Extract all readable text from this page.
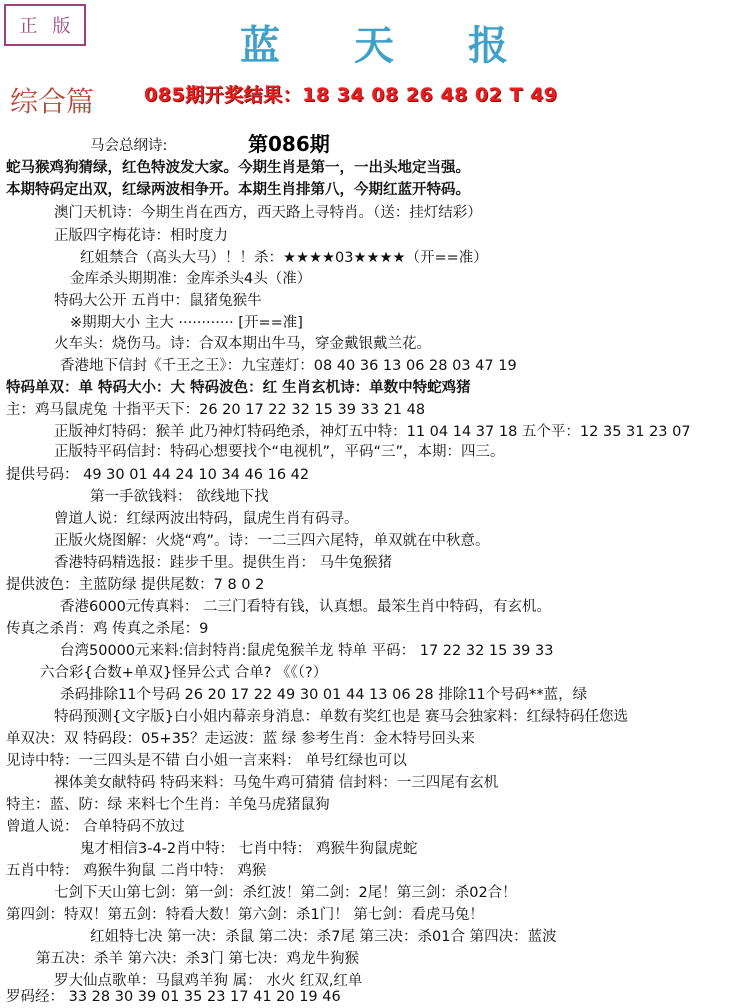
正 版	蓝 天 报
综合篇	085期开奖结果：18 34 08 26 48 02 T 49
第086期
马会总纲诗:
蛇马猴鸡狗猜绿，红色特波发大家。今期生肖是第一，一出头地定当强。
本期特码定出双，红绿两波相争开。本期生肖排第八，今期红蓝开特码。
澳门天机诗：今期生肖在西方，西天路上寻特肖。（送：挂灯结彩）
正版四字梅花诗：相时度力
红姐禁合（高头大马）！！杀：★★★★03★★★★（开==准）
金库杀头期期准：金库杀头4头（准）
特码大公开 五肖中：鼠猪兔猴牛
※期期大小 主大 ············ [开==准]
火车头：烧伤马。诗：合双本期出牛马，穿金戴银戴兰花。
香港地下信封《千王之王》：九宝莲灯：08 40 36 13 06 28 03 47 19
特码单双：单 特码大小：大 特码波色：红 生肖玄机诗：单数中特蛇鸡猪
主：鸡马鼠虎兔 十指平天下：26 20 17 22 32 15 39 33 21 48
正版神灯特码：猴羊 此乃神灯特码绝杀，神灯五中特：11 04 14 37 18 五个平：12 35 31 23 07
正版特平码信封：特码心想要找个“电视机”，平码“三”，本期：四三。
提供号码： 49 30 01 44 24 10 34 46 16 42
第一手欲钱料： 欲线地下找
曾道人说：红绿两波出特码，鼠虎生肖有码寻。
正版火烧图解：火烧“鸡”。诗：一二三四六尾特，单双就在中秋意。
香港特码精选报：跬步千里。提供生肖： 马牛兔猴猪
提供波色：主蓝防绿 提供尾数：7 8 0 2
香港6000元传真料： 二三门看特有钱，认真想。最笨生肖中特码，有玄机。
传真之杀肖：鸡 传真之杀尾：9
台湾50000元来料:信封特肖:鼠虎兔猴羊龙 特单 平码： 17 22 32 15 39 33
六合彩{合数+单双}怪异公式 合单? 《《（?）
杀码排除11个号码 26 20 17 22 49 30 01 44 13 06 28 排除11个号码**蓝，绿
特码预测{文字版}白小姐内幕亲身消息：单数有奖红也是 赛马会独家料：红绿特码任您选
单双决：双 特码段：05+35？走运波：蓝 绿 参考生肖：金木特号回头来
见诗中特：一三四头是不错 白小姐一言来料： 单号红绿也可以
裸体美女献特码 特码来料：马兔牛鸡可猜猜 信封料：一三四尾有玄机
特主：蓝、防：绿 来料七个生肖：羊兔马虎猪鼠狗
曾道人说： 合单特码不放过
鬼才相信3-4-2肖中特： 七肖中特： 鸡猴牛狗鼠虎蛇
五肖中特： 鸡猴牛狗鼠 二肖中特： 鸡猴
七剑下天山第七剑：第一剑：杀红波！第二剑：2尾！第三剑：杀02合！
第四剑：特双！第五剑：特看大数！第六剑：杀1门！ 第七剑：看虎马兔！
红姐特七决 第一决：杀鼠 第二决：杀7尾 第三决：杀01合 第四决：蓝波
第五决：杀羊 第六决：杀3门 第七决：鸡龙牛狗猴
罗大仙点歌单：马鼠鸡羊狗 属： 水火 红双,红单
罗码经： 33 28 30 39 01 35 23 17 41 20 19 46
